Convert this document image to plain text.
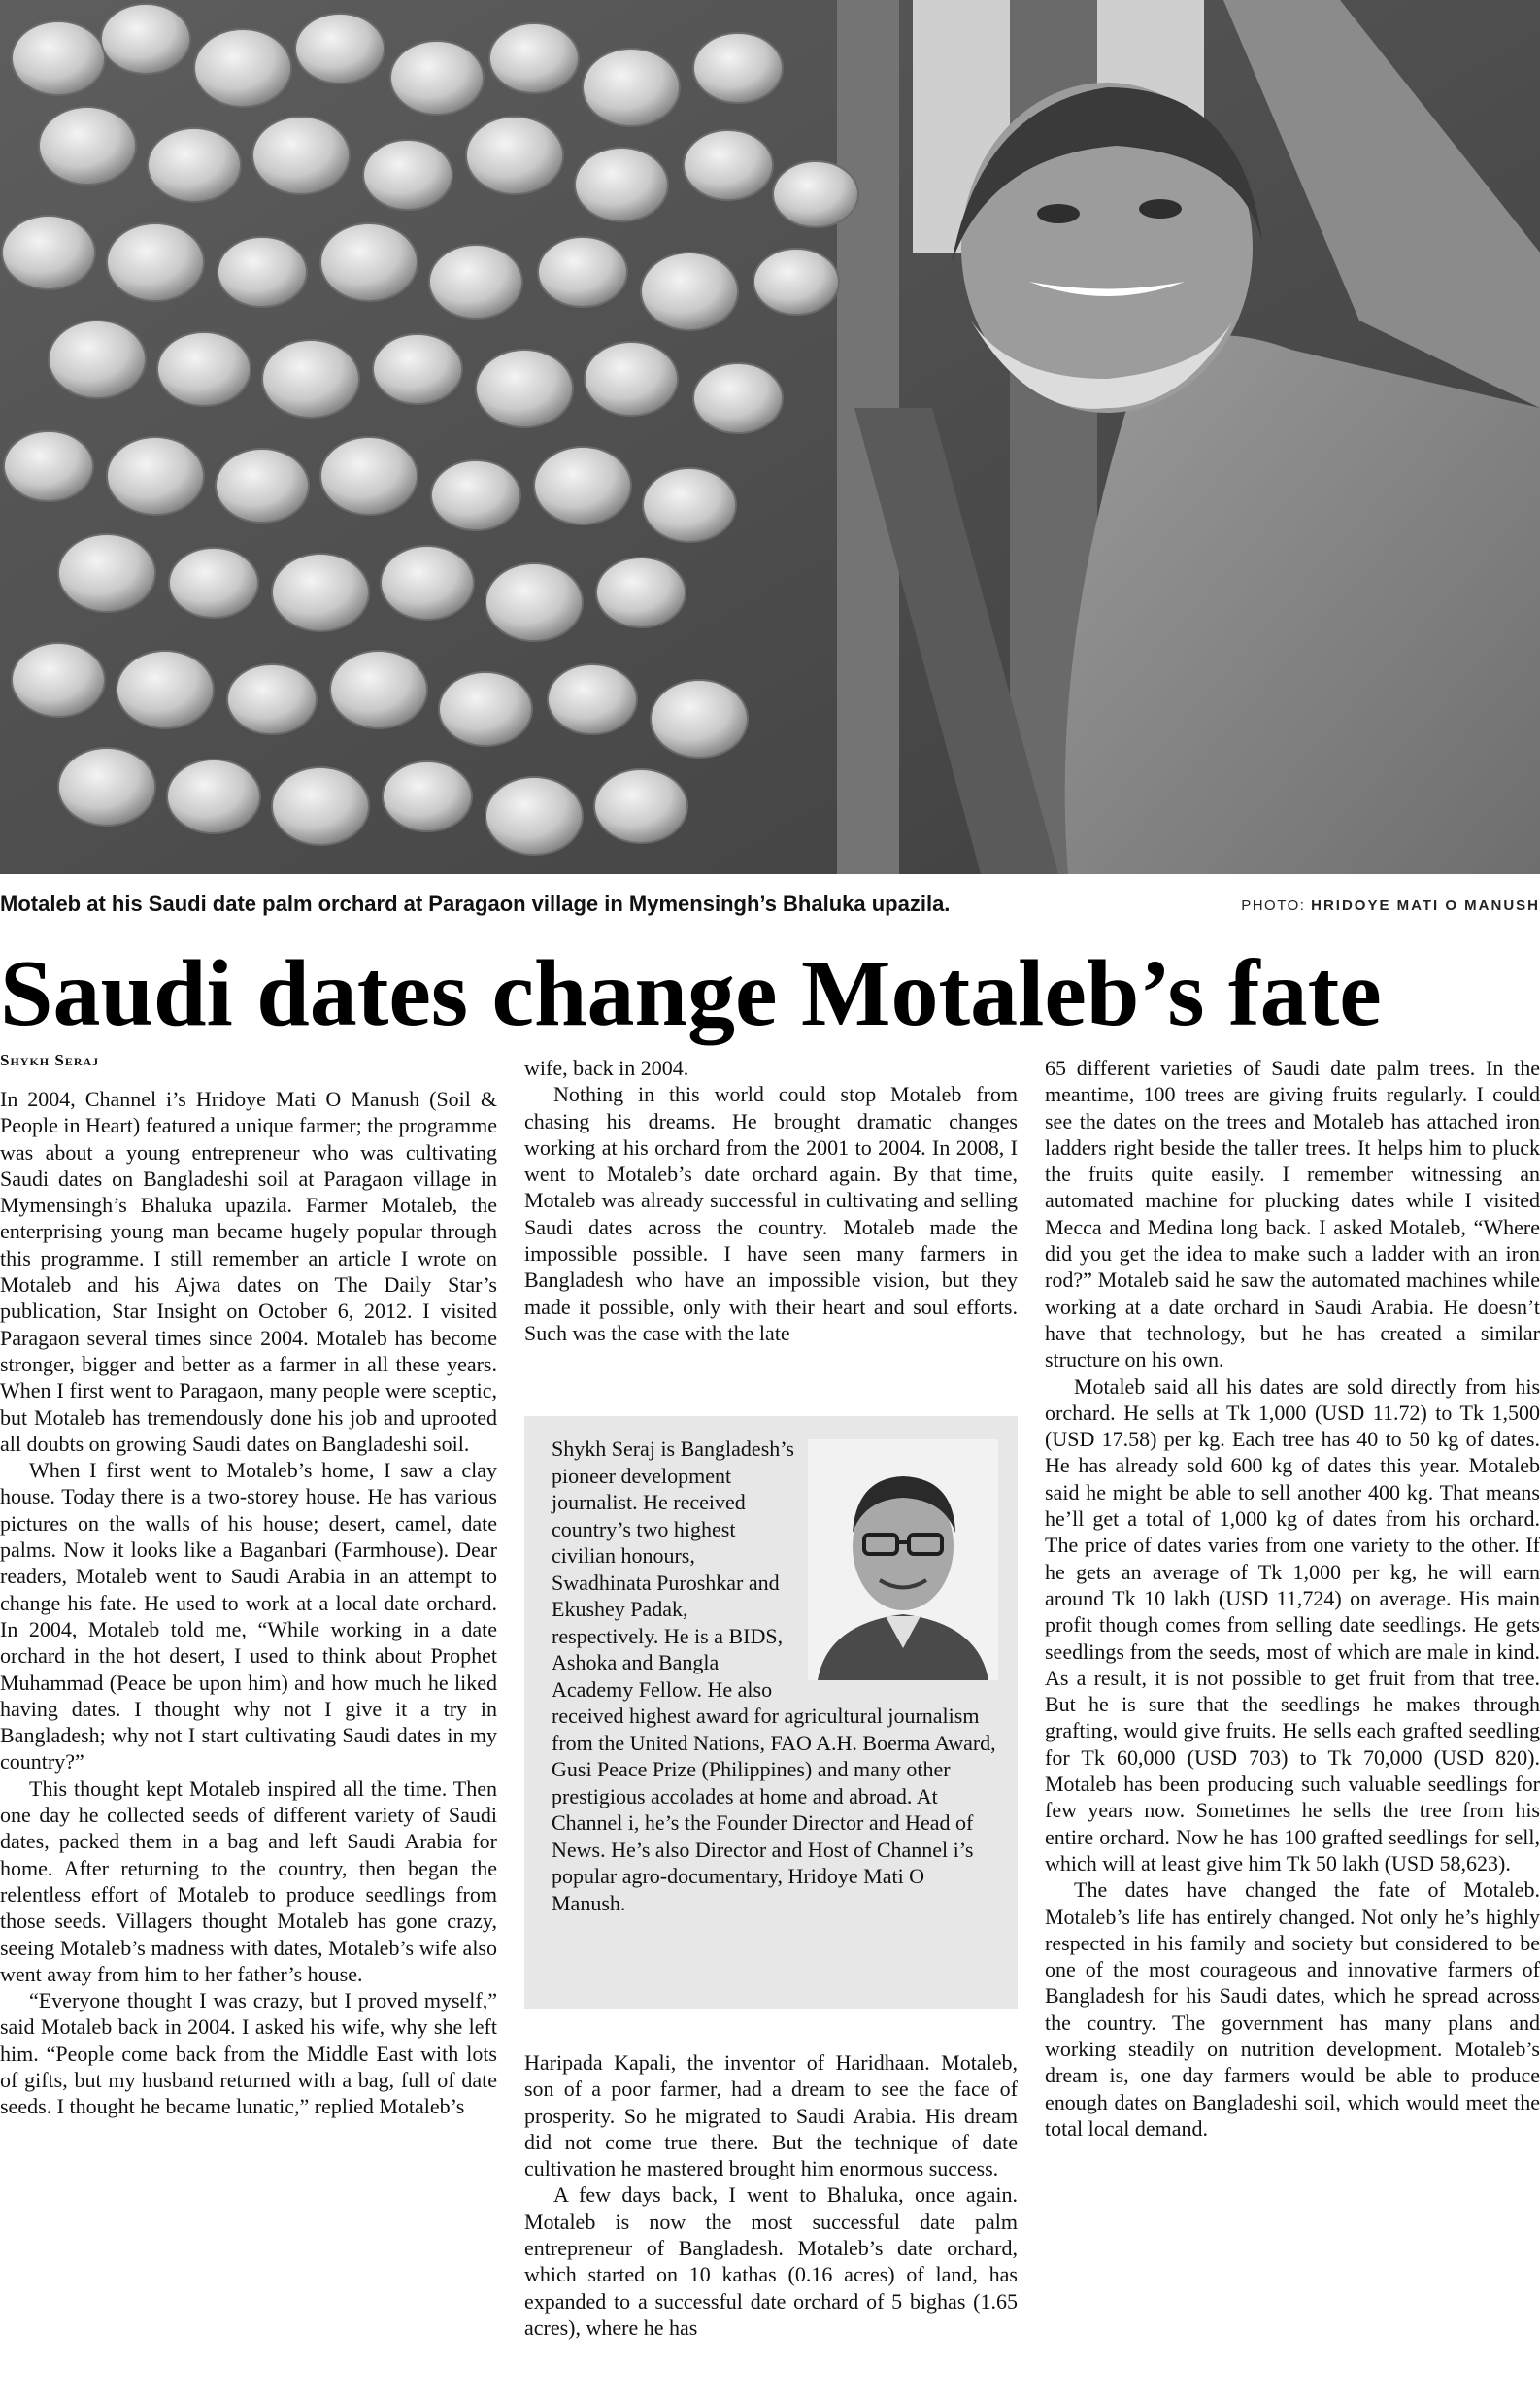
Motaleb at his Saudi date palm orchard at Paragaon village in Mymensingh’s Bhaluka upazila.	PHOTO: HRIDOYE MATI O MANUSH
Saudi dates change Motaleb’s fate
Shykh Seraj

In 2004, Channel i’s Hridoye Mati O Manush (Soil & People in Heart) featured a unique farmer; the programme was about a young entrepreneur who was cultivating Saudi dates on Bangladeshi soil at Paragaon village in Mymensingh’s Bhaluka upazila. Farmer Motaleb, the enterprising young man became hugely popular through this programme. I still remember an article I wrote on Motaleb and his Ajwa dates on The Daily Star’s publication, Star Insight on October 6, 2012. I visited Paragaon several times since 2004. Motaleb has become stronger, bigger and better as a farmer in all these years. When I first went to Paragaon, many people were sceptic, but Motaleb has tremendously done his job and uprooted all doubts on growing Saudi dates on Bangladeshi soil.

When I first went to Motaleb’s home, I saw a clay house. Today there is a two-storey house. He has various pictures on the walls of his house; desert, camel, date palms. Now it looks like a Baganbari (Farmhouse). Dear readers, Motaleb went to Saudi Arabia in an attempt to change his fate. He used to work at a local date orchard. In 2004, Motaleb told me, “While working in a date orchard in the hot desert, I used to think about Prophet Muhammad (Peace be upon him) and how much he liked having dates. I thought why not I give it a try in Bangladesh; why not I start cultivating Saudi dates in my country?”

This thought kept Motaleb inspired all the time. Then one day he collected seeds of different variety of Saudi dates, packed them in a bag and left Saudi Arabia for home. After returning to the country, then began the relentless effort of Motaleb to produce seedlings from those seeds. Villagers thought Motaleb has gone crazy, seeing Motaleb’s madness with dates, Motaleb’s wife also went away from him to her father’s house.

“Everyone thought I was crazy, but I proved myself,” said Motaleb back in 2004. I asked his wife, why she left him. “People come back from the Middle East with lots of gifts, but my husband returned with a bag, full of date seeds. I thought he became lunatic,” replied Motaleb’s

wife, back in 2004.

Nothing in this world could stop Motaleb from chasing his dreams. He brought dramatic changes working at his orchard from the 2001 to 2004. In 2008, I went to Motaleb’s date orchard again. By that time, Motaleb was already successful in cultivating and selling Saudi dates across the country. Motaleb made the impossible possible. I have seen many farmers in Bangladesh who have an impossible vision, but they made it possible, only with their heart and soul efforts. Such was the case with the late

Shykh Seraj is Bangladesh’s pioneer development journalist. He received country’s two highest civilian honours, Swadhinata Puroshkar and Ekushey Padak, respectively. He is a BIDS, Ashoka and Bangla Academy Fellow. He also received highest award for agricultural journalism from the United Nations, FAO A.H. Boerma Award, Gusi Peace Prize (Philippines) and many other prestigious accolades at home and abroad. At Channel i, he’s the Founder Director and Head of News. He’s also Director and Host of Channel i’s popular agro-documentary, Hridoye Mati O Manush.

Haripada Kapali, the inventor of Haridhaan. Motaleb, son of a poor farmer, had a dream to see the face of prosperity. So he migrated to Saudi Arabia. His dream did not come true there. But the technique of date cultivation he mastered brought him enormous success.

A few days back, I went to Bhaluka, once again. Motaleb is now the most successful date palm entrepreneur of Bangladesh. Motaleb’s date orchard, which started on 10 kathas (0.16 acres) of land, has expanded to a successful date orchard of 5 bighas (1.65 acres), where he has

65 different varieties of Saudi date palm trees. In the meantime, 100 trees are giving fruits regularly. I could see the dates on the trees and Motaleb has attached iron ladders right beside the taller trees. It helps him to pluck the fruits quite easily. I remember witnessing an automated machine for plucking dates while I visited Mecca and Medina long back. I asked Motaleb, “Where did you get the idea to make such a ladder with an iron rod?” Motaleb said he saw the automated machines while working at a date orchard in Saudi Arabia. He doesn’t have that technology, but he has created a similar structure on his own.

Motaleb said all his dates are sold directly from his orchard. He sells at Tk 1,000 (USD 11.72) to Tk 1,500 (USD 17.58) per kg. Each tree has 40 to 50 kg of dates. He has already sold 600 kg of dates this year. Motaleb said he might be able to sell another 400 kg. That means he’ll get a total of 1,000 kg of dates from his orchard. The price of dates varies from one variety to the other. If he gets an average of Tk 1,000 per kg, he will earn around Tk 10 lakh (USD 11,724) on average. His main profit though comes from selling date seedlings. He gets seedlings from the seeds, most of which are male in kind. As a result, it is not possible to get fruit from that tree. But he is sure that the seedlings he makes through grafting, would give fruits. He sells each grafted seedling for Tk 60,000 (USD 703) to Tk 70,000 (USD 820). Motaleb has been producing such valuable seedlings for few years now. Sometimes he sells the tree from his entire orchard. Now he has 100 grafted seedlings for sell, which will at least give him Tk 50 lakh (USD 58,623).

The dates have changed the fate of Motaleb. Motaleb’s life has entirely changed. Not only he’s highly respected in his family and society but considered to be one of the most courageous and innovative farmers of Bangladesh for his Saudi dates, which he spread across the country. The government has many plans and working steadily on nutrition development. Motaleb’s dream is, one day farmers would be able to produce enough dates on Bangladeshi soil, which would meet the total local demand.
